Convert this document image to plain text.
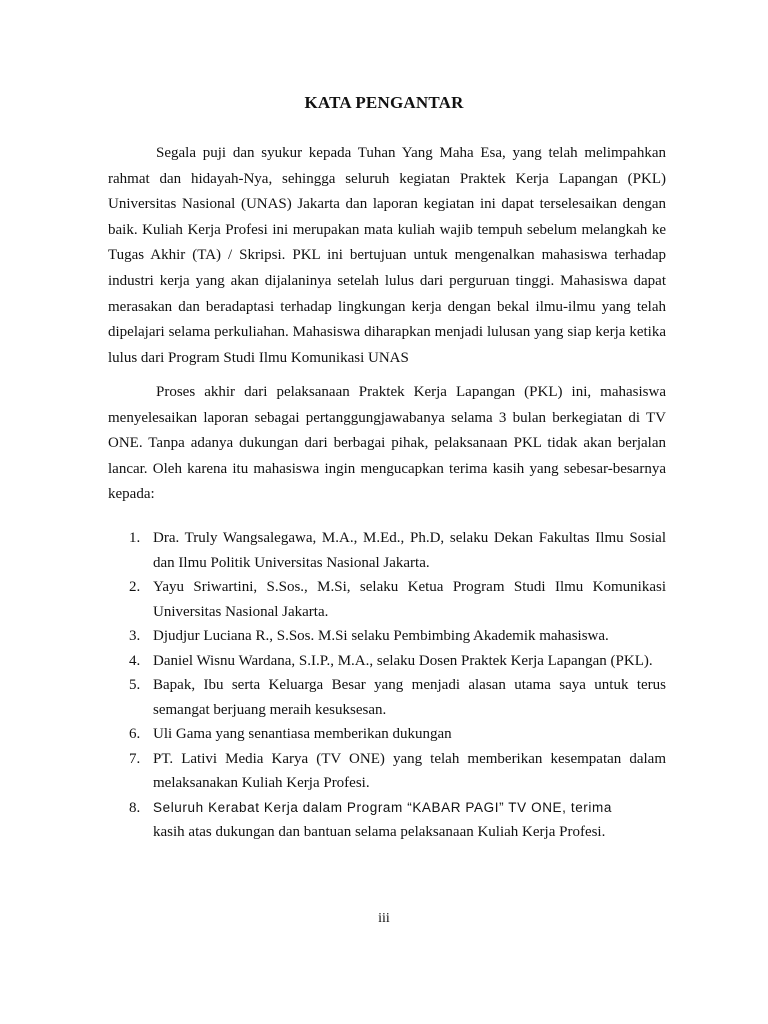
KATA PENGANTAR

Segala puji dan syukur kepada Tuhan Yang Maha Esa, yang telah melimpahkan rahmat dan hidayah-Nya, sehingga seluruh kegiatan Praktek Kerja Lapangan (PKL) Universitas Nasional (UNAS) Jakarta dan laporan kegiatan ini dapat terselesaikan dengan baik. Kuliah Kerja Profesi ini merupakan mata kuliah wajib tempuh sebelum melangkah ke Tugas Akhir (TA) / Skripsi. PKL ini bertujuan untuk mengenalkan mahasiswa terhadap industri kerja yang akan dijalaninya setelah lulus dari perguruan tinggi. Mahasiswa dapat merasakan dan beradaptasi terhadap lingkungan kerja dengan bekal ilmu-ilmu yang telah dipelajari selama perkuliahan. Mahasiswa diharapkan menjadi lulusan yang siap kerja ketika lulus dari Program Studi Ilmu Komunikasi UNAS

Proses akhir dari pelaksanaan Praktek Kerja Lapangan (PKL) ini, mahasiswa menyelesaikan laporan sebagai pertanggungjawabanya selama 3 bulan berkegiatan di TV ONE. Tanpa adanya dukungan dari berbagai pihak, pelaksanaan PKL tidak akan berjalan lancar. Oleh karena itu mahasiswa ingin mengucapkan terima kasih yang sebesar-besarnya kepada:

1. Dra. Truly Wangsalegawa, M.A., M.Ed., Ph.D, selaku Dekan Fakultas Ilmu Sosial dan Ilmu Politik Universitas Nasional Jakarta.
2. Yayu Sriwartini, S.Sos., M.Si, selaku Ketua Program Studi Ilmu Komunikasi Universitas Nasional Jakarta.
3. Djudjur Luciana R., S.Sos. M.Si selaku Pembimbing Akademik mahasiswa.
4. Daniel Wisnu Wardana, S.I.P., M.A., selaku Dosen Praktek Kerja Lapangan (PKL).
5. Bapak, Ibu serta Keluarga Besar yang menjadi alasan utama saya untuk terus semangat berjuang meraih kesuksesan.
6. Uli Gama yang senantiasa memberikan dukungan
7. PT. Lativi Media Karya (TV ONE) yang telah memberikan kesempatan dalam melaksanakan Kuliah Kerja Profesi.
8. Seluruh Kerabat Kerja dalam Program “KABAR PAGI” TV ONE, terima
kasih atas dukungan dan bantuan selama pelaksanaan Kuliah Kerja Profesi.
iii
